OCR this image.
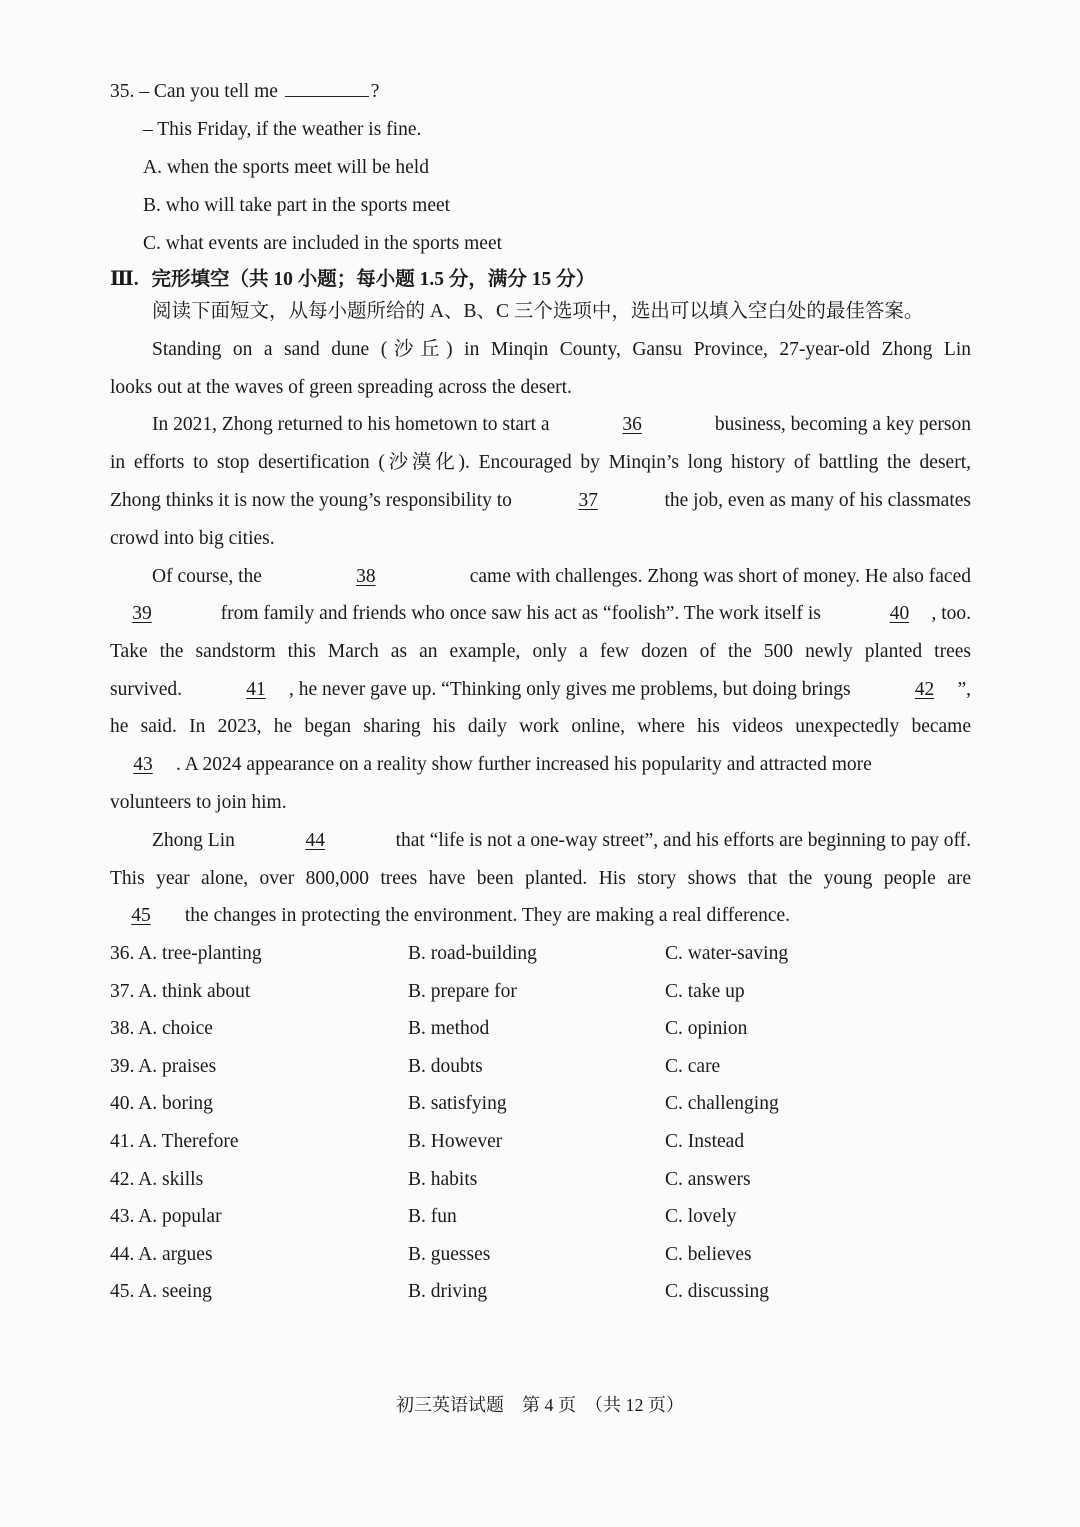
35. – Can you tell me	?
– This Friday, if the weather is fine.
A. when the sports meet will be held
B. who will take part in the sports meet
C. what events are included in the sports meet
Ⅲ. 完形填空（共 10 小题；每小题 1.5 分，满分 15 分）
阅读下面短文，从每小题所给的 A、B、C 三个选项中，选出可以填入空白处的最佳答案。
Standing on a sand dune (沙丘) in Minqin County, Gansu Province, 27-year-old Zhong Lin
looks out at the waves of green spreading across the desert.
In 2021, Zhong returned to his hometown to start a	36	business, becoming a key person
in efforts to stop desertification (沙漠化). Encouraged by Minqin’s long history of battling the desert,
Zhong thinks it is now the young’s responsibility to	37	the job, even as many of his classmates
crowd into big cities.
Of course, the	38	came with challenges. Zhong was short of money. He also faced
39	from family and friends who once saw his act as “foolish”. The work itself is	40 , too.
Take the sandstorm this March as an example, only a few dozen of the 500 newly planted trees
survived.	41 , he never gave up. “Thinking only gives me problems, but doing brings	42 ”,
he said. In 2023, he began sharing his daily work online, where his videos unexpectedly became
43 . A 2024 appearance on a reality show further increased his popularity and attracted more
volunteers to join him.
Zhong Lin	44	that “life is not a one-way street”, and his efforts are beginning to pay off.
This year alone, over 800,000 trees have been planted. His story shows that the young people are
45 the changes in protecting the environment. They are making a real difference.
36. A. tree-planting	B. road-building	C. water-saving
37. A. think about	B. prepare for	C. take up
38. A. choice	B. method	C. opinion
39. A. praises	B. doubts	C. care
40. A. boring	B. satisfying	C. challenging
41. A. Therefore	B. However	C. Instead
42. A. skills	B. habits	C. answers
43. A. popular	B. fun	C. lovely
44. A. argues	B. guesses	C. believes
45. A. seeing	B. driving	C. discussing
初三英语试题　第 4 页　（共 12 页）
